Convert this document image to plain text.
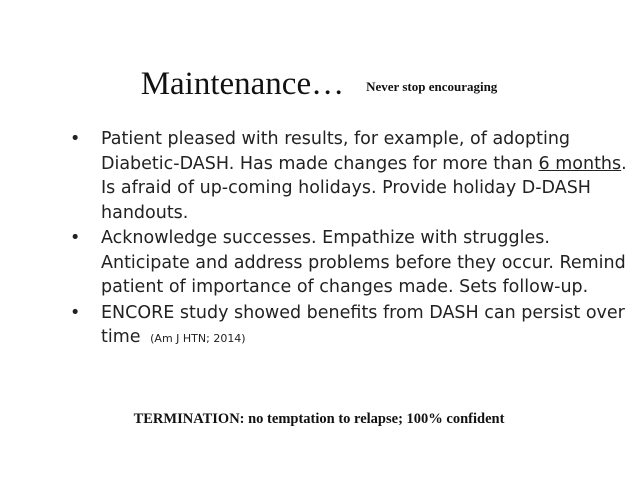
Maintenance… Never stop encouraging
• Patient pleased with results, for example, of adopting Diabetic-DASH. Has made changes for more than 6 months. Is afraid of up-coming holidays. Provide holiday D-DASH handouts.
• Acknowledge successes. Empathize with struggles. Anticipate and address problems before they occur. Remind patient of importance of changes made. Sets follow-up.
• ENCORE study showed benefits from DASH can persist over time (Am J HTN; 2014)
TERMINATION: no temptation to relapse; 100% confident
